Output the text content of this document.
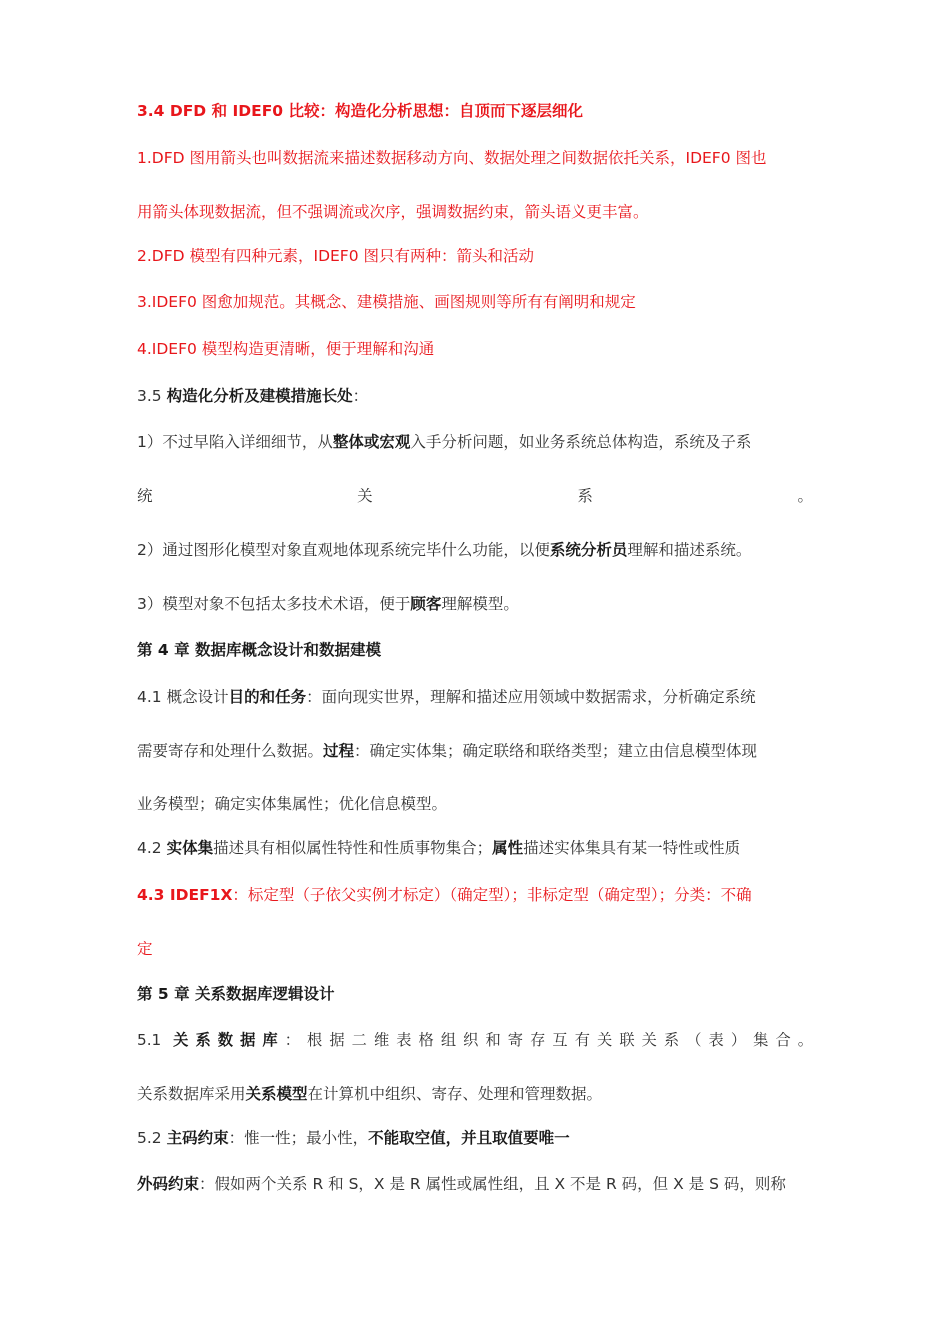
3.4 DFD 和 IDEF0 比较：构造化分析思想：自顶而下逐层细化
1.DFD 图用箭头也叫数据流来描述数据移动方向、数据处理之间数据依托关系，IDEF0 图也
用箭头体现数据流，但不强调流或次序，强调数据约束，箭头语义更丰富。
2.DFD 模型有四种元素，IDEF0 图只有两种：箭头和活动
3.IDEF0 图愈加规范。其概念、建模措施、画图规则等所有有阐明和规定
4.IDEF0 模型构造更清晰，便于理解和沟通
3.5 构造化分析及建模措施长处：
1）不过早陷入详细细节，从整体或宏观入手分析问题，如业务系统总体构造，系统及子系
统	关	系	。
2）通过图形化模型对象直观地体现系统完毕什么功能，以便系统分析员理解和描述系统。
3）模型对象不包括太多技术术语，便于顾客理解模型。
第 4 章 数据库概念设计和数据建模
4.1 概念设计目的和任务：面向现实世界，理解和描述应用领域中数据需求，分析确定系统
需要寄存和处理什么数据。过程：确定实体集；确定联络和联络类型；建立由信息模型体现
业务模型；确定实体集属性；优化信息模型。
4.2 实体集描述具有相似属性特性和性质事物集合；属性描述实体集具有某一特性或性质
4.3 IDEF1X：标定型（子依父实例才标定）（确定型）；非标定型（确定型）；分类：不确
定
第 5 章 关系数据库逻辑设计
5.1 关系数据库：根据二维表格组织和寄存互有关联关系（表）集合。
关系数据库采用关系模型在计算机中组织、寄存、处理和管理数据。
5.2 主码约束：惟一性；最小性，不能取空值，并且取值要唯一
外码约束：假如两个关系 R 和 S，X 是 R 属性或属性组，且 X 不是 R 码，但 X 是 S 码，则称
